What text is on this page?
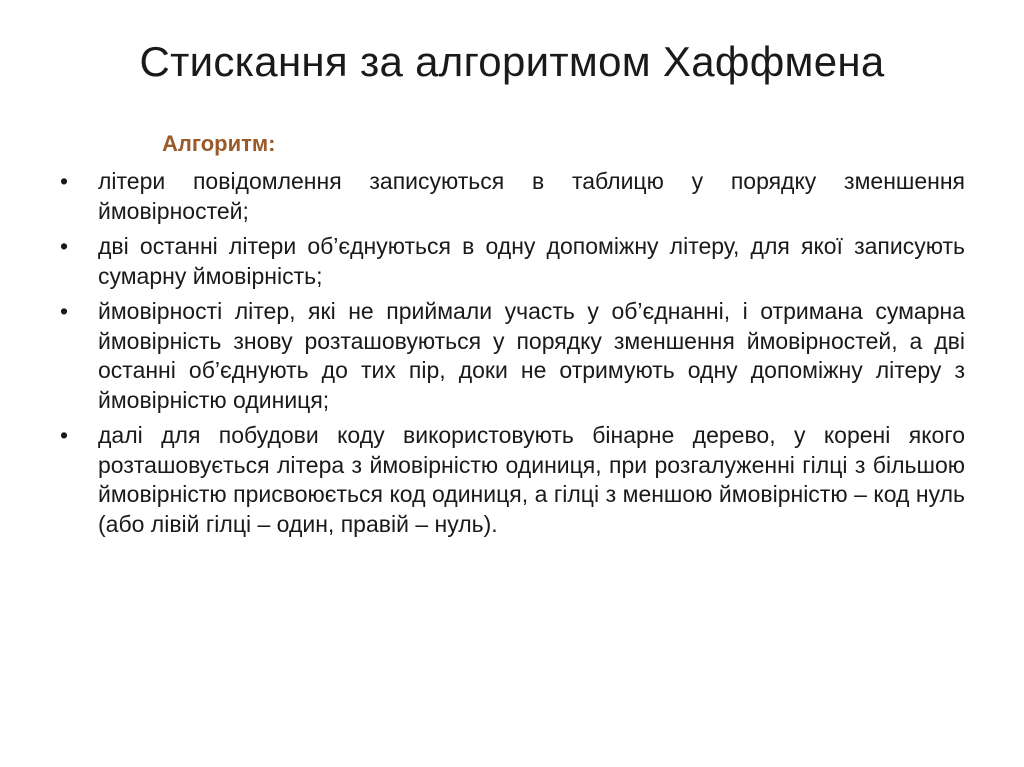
Стискання за алгоритмом Хаффмена

Алгоритм:

• літери повідомлення записуються в таблицю у порядку зменшення ймовірностей;
• дві останні літери об’єднуються в одну допоміжну літеру, для якої записують сумарну ймовірність;
• ймовірності літер, які не приймали участь у об’єднанні, і отримана сумарна ймовірність знову розташовуються у порядку зменшення ймовірностей, а дві останні об’єднують до тих пір, доки не отримують одну допоміжну літеру з ймовірністю одиниця;
• далі для побудови коду використовують бінарне дерево, у корені якого розташовується літера з ймовірністю одиниця, при розгалуженні гілці з більшою ймовірністю присвоюється код одиниця, а гілці з меншою ймовірністю – код нуль (або лівій гілці – один, правій – нуль).
